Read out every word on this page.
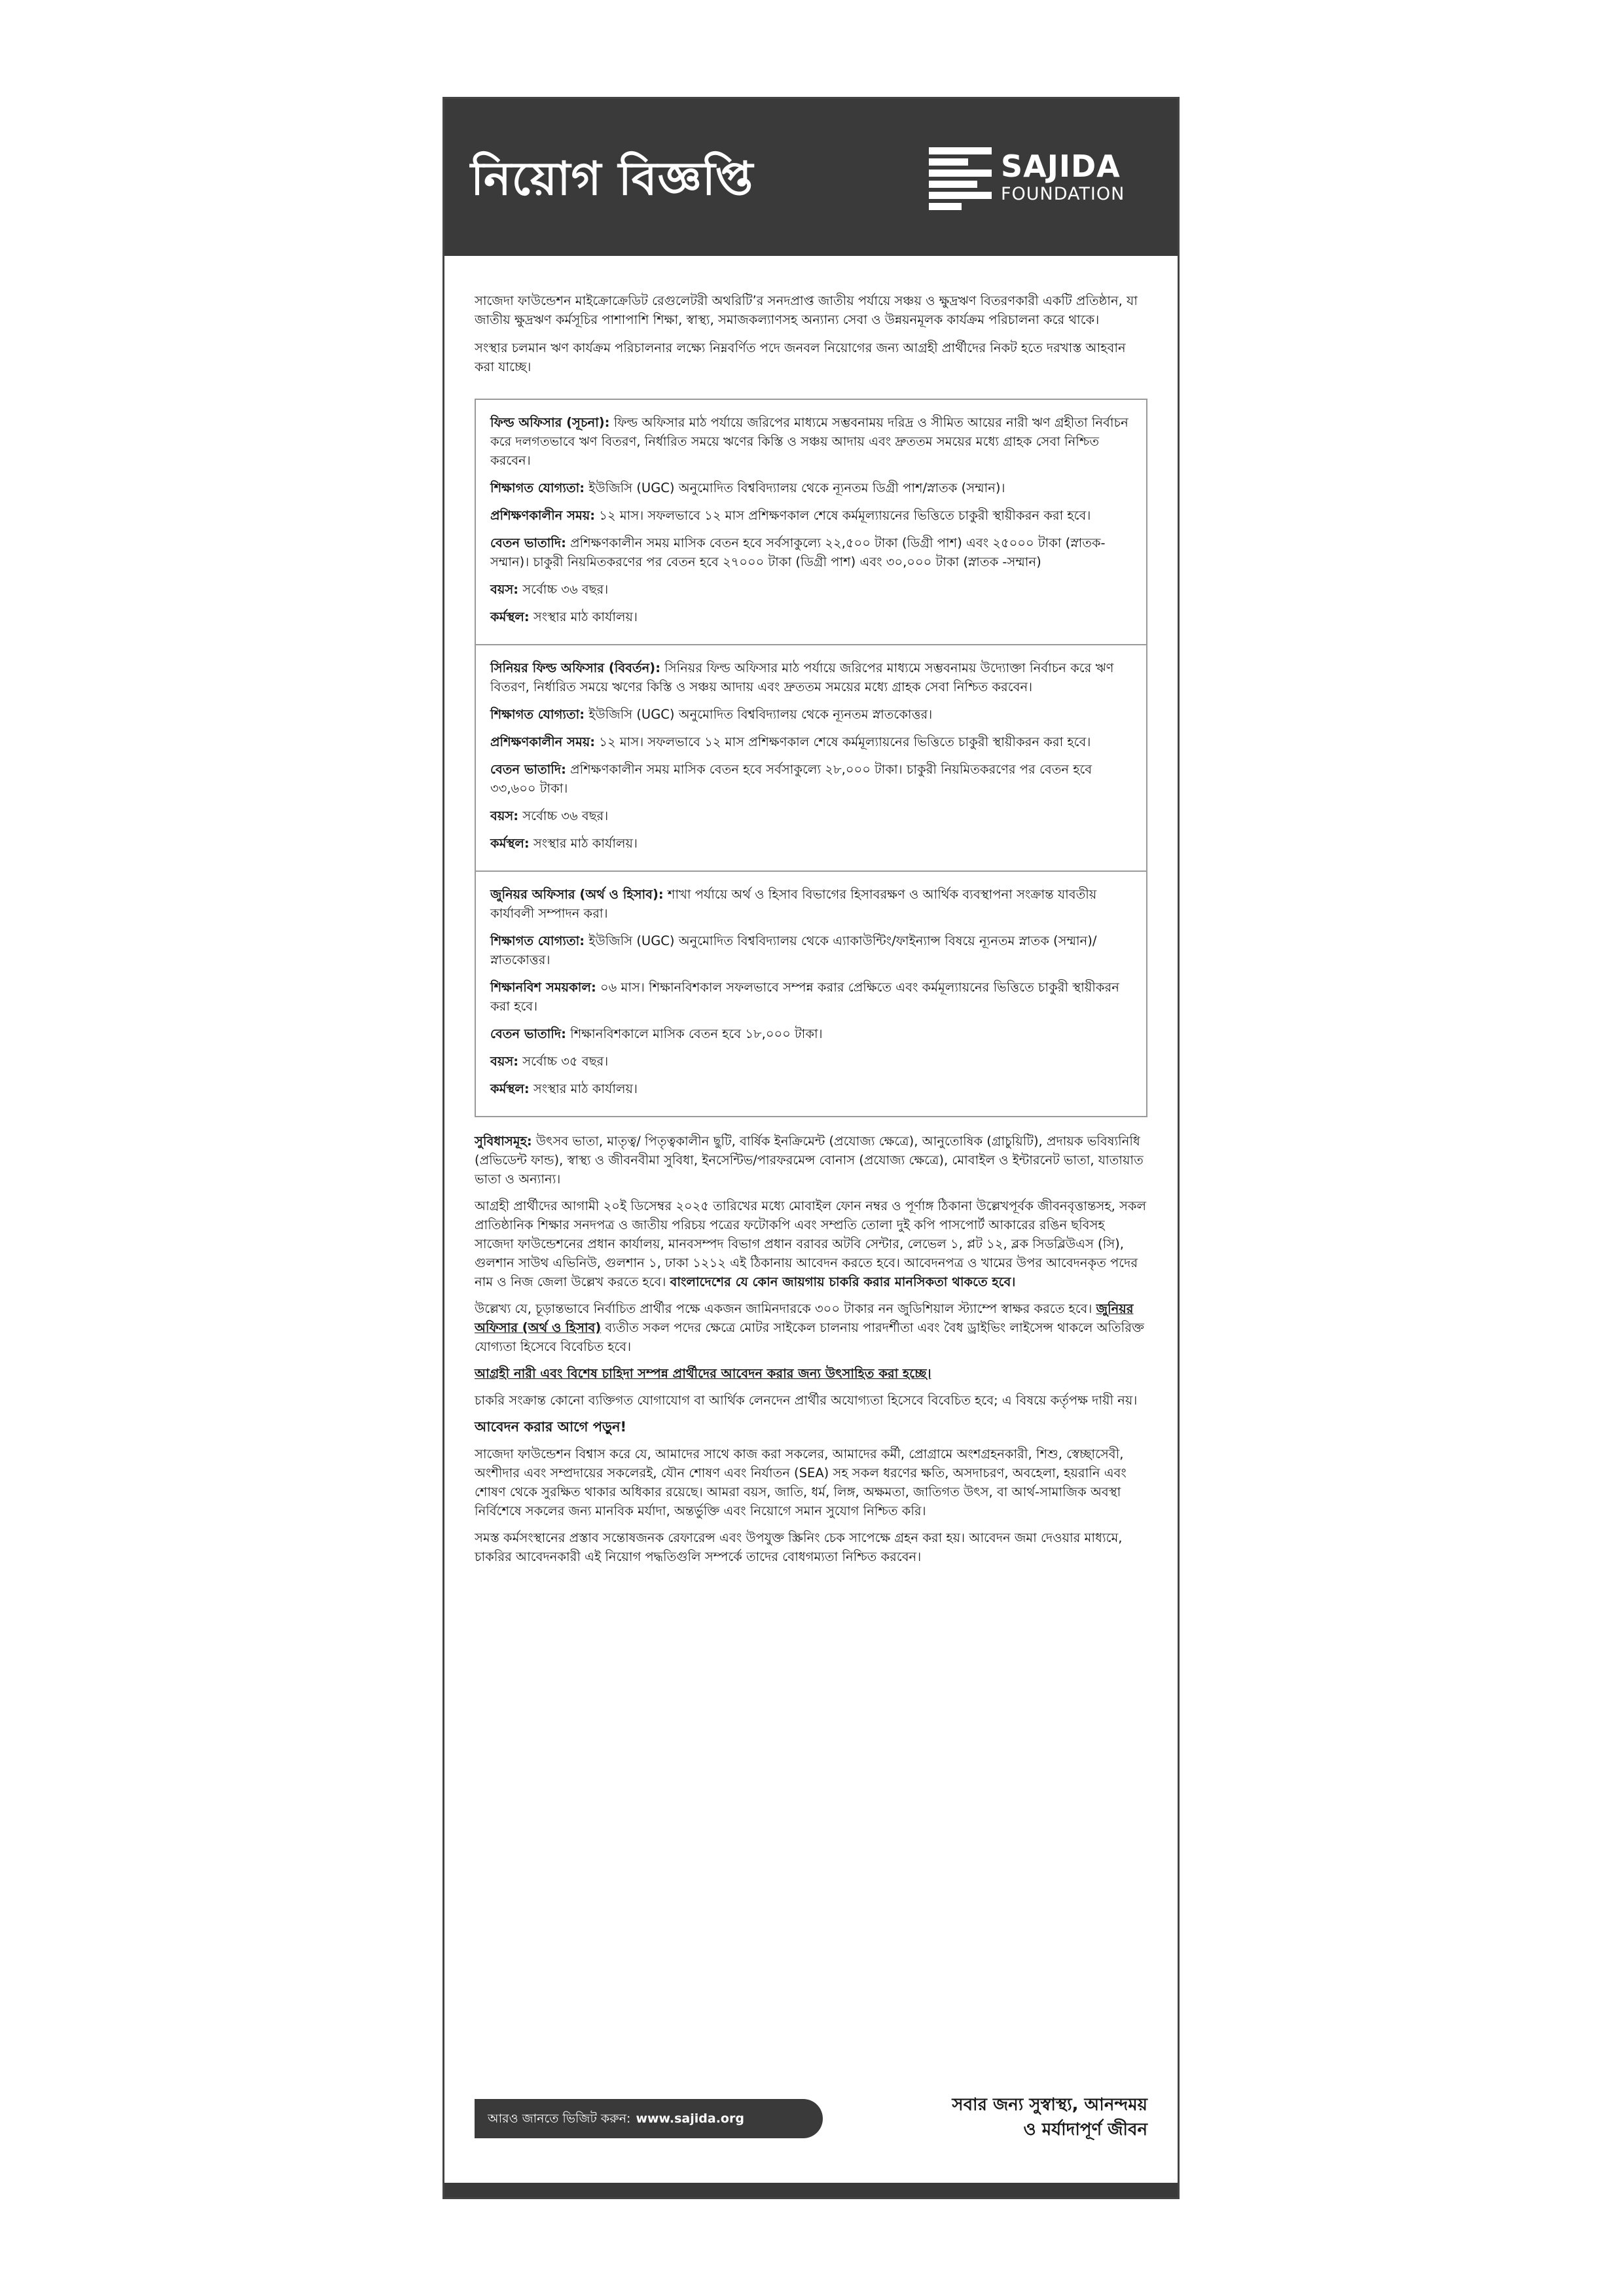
নিয়োগ বিজ্ঞপ্তি	SAJIDA
FOUNDATION

সাজেদা ফাউন্ডেশন মাইক্রোক্রেডিট রেগুলেটরী অথরিটি’র সনদপ্রাপ্ত জাতীয় পর্যায়ে সঞ্চয় ও ক্ষুদ্রঋণ বিতরণকারী একটি প্রতিষ্ঠান, যা জাতীয় ক্ষুদ্রঋণ কর্মসূচির পাশাপাশি শিক্ষা, স্বাস্থ্য, সমাজকল্যাণসহ অন্যান্য সেবা ও উন্নয়নমূলক কার্যক্রম পরিচালনা করে থাকে।

সংস্থার চলমান ঋণ কার্যক্রম পরিচালনার লক্ষ্যে নিম্নবর্ণিত পদে জনবল নিয়োগের জন্য আগ্রহী প্রার্থীদের নিকট হতে দরখাস্ত আহবান করা যাচ্ছে।

ফিল্ড অফিসার (সূচনা): ফিল্ড অফিসার মাঠ পর্যায়ে জরিপের মাধ্যমে সম্ভবনাময় দরিদ্র ও সীমিত আয়ের নারী ঋণ গ্রহীতা নির্বাচন করে দলগতভাবে ঋণ বিতরণ, নির্ধারিত সময়ে ঋণের কিস্তি ও সঞ্চয় আদায় এবং দ্রুততম সময়ের মধ্যে গ্রাহক সেবা নিশ্চিত করবেন।

শিক্ষাগত যোগ্যতা: ইউজিসি (UGC) অনুমোদিত বিশ্ববিদ্যালয় থেকে ন্যূনতম ডিগ্রী পাশ/স্নাতক (সম্মান)।

প্রশিক্ষণকালীন সময়: ১২ মাস। সফলভাবে ১২ মাস প্রশিক্ষণকাল শেষে কর্মমূল্যায়নের ভিত্তিতে চাকুরী স্থায়ীকরন করা হবে।

বেতন ভাতাদি: প্রশিক্ষণকালীন সময় মাসিক বেতন হবে সর্বসাকুল্যে ২২,৫০০ টাকা (ডিগ্রী পাশ) এবং ২৫০০০ টাকা (স্নাতক-সম্মান)। চাকুরী নিয়মিতকরণের পর বেতন হবে ২৭০০০ টাকা (ডিগ্রী পাশ) এবং ৩০,০০০ টাকা (স্নাতক -সম্মান)

বয়স: সর্বোচ্চ ৩৬ বছর।

কর্মস্থল: সংস্থার মাঠ কার্যালয়।

সিনিয়র ফিল্ড অফিসার (বিবর্তন): সিনিয়র ফিল্ড অফিসার মাঠ পর্যায়ে জরিপের মাধ্যমে সম্ভবনাময় উদ্যোক্তা নির্বাচন করে ঋণ বিতরণ, নির্ধারিত সময়ে ঋণের কিস্তি ও সঞ্চয় আদায় এবং দ্রুততম সময়ের মধ্যে গ্রাহক সেবা নিশ্চিত করবেন।

শিক্ষাগত যোগ্যতা: ইউজিসি (UGC) অনুমোদিত বিশ্ববিদ্যালয় থেকে ন্যূনতম স্নাতকোত্তর।

প্রশিক্ষণকালীন সময়: ১২ মাস। সফলভাবে ১২ মাস প্রশিক্ষণকাল শেষে কর্মমূল্যায়নের ভিত্তিতে চাকুরী স্থায়ীকরন করা হবে।

বেতন ভাতাদি: প্রশিক্ষণকালীন সময় মাসিক বেতন হবে সর্বসাকুল্যে ২৮,০০০ টাকা। চাকুরী নিয়মিতকরণের পর বেতন হবে ৩৩,৬০০ টাকা।

বয়স: সর্বোচ্চ ৩৬ বছর।

কর্মস্থল: সংস্থার মাঠ কার্যালয়।

জুনিয়র অফিসার (অর্থ ও হিসাব): শাখা পর্যায়ে অর্থ ও হিসাব বিভাগের হিসাবরক্ষণ ও আর্থিক ব্যবস্থাপনা সংক্রান্ত যাবতীয় কার্যাবলী সম্পাদন করা।

শিক্ষাগত যোগ্যতা: ইউজিসি (UGC) অনুমোদিত বিশ্ববিদ্যালয় থেকে এ্যাকাউন্টিং/ফাইন্যান্স বিষয়ে ন্যূনতম স্নাতক (সম্মান)/ স্নাতকোত্তর।

শিক্ষানবিশ সময়কাল: ০৬ মাস। শিক্ষানবিশকাল সফলভাবে সম্পন্ন করার প্রেক্ষিতে এবং কর্মমূল্যায়নের ভিত্তিতে চাকুরী স্থায়ীকরন করা হবে।

বেতন ভাতাদি: শিক্ষানবিশকালে মাসিক বেতন হবে ১৮,০০০ টাকা।

বয়স: সর্বোচ্চ ৩৫ বছর।

কর্মস্থল: সংস্থার মাঠ কার্যালয়।

সুবিধাসমূহ: উৎসব ভাতা, মাতৃত্ব/ পিতৃত্বকালীন ছুটি, বার্ষিক ইনক্রিমেন্ট (প্রযোজ্য ক্ষেত্রে), আনুতোষিক (গ্রাচুয়িটি), প্রদায়ক ভবিষ্যনিধি (প্রভিডেন্ট ফান্ড), স্বাস্থ্য ও জীবনবীমা সুবিধা, ইনসেন্টিভ/পারফরমেন্স বোনাস (প্রযোজ্য ক্ষেত্রে), মোবাইল ও ইন্টারনেট ভাতা, যাতায়াত ভাতা ও অন্যান্য।

আগ্রহী প্রার্থীদের আগামী ২০ই ডিসেম্বর ২০২৫ তারিখের মধ্যে মোবাইল ফোন নম্বর ও পূর্ণাঙ্গ ঠিকানা উল্লেখপূর্বক জীবনবৃত্তান্তসহ, সকল প্রাতিষ্ঠানিক শিক্ষার সনদপত্র ও জাতীয় পরিচয় পত্রের ফটোকপি এবং সম্প্রতি তোলা দুই কপি পাসপোর্ট আকারের রঙিন ছবিসহ সাজেদা ফাউন্ডেশনের প্রধান কার্যালয়, মানবসম্পদ বিভাগ প্রধান বরাবর অটবি সেন্টার, লেভেল ১, প্লট ১২, ব্লক সিডব্লিউএস (সি), গুলশান সাউথ এভিনিউ, গুলশান ১, ঢাকা ১২১২ এই ঠিকানায় আবেদন করতে হবে। আবেদনপত্র ও খামের উপর আবেদনকৃত পদের নাম ও নিজ জেলা উল্লেখ করতে হবে। বাংলাদেশের যে কোন জায়গায় চাকরি করার মানসিকতা থাকতে হবে।

উল্লেখ্য যে, চূড়ান্তভাবে নির্বাচিত প্রার্থীর পক্ষে একজন জামিনদারকে ৩০০ টাকার নন জুডিশিয়াল স্ট্যাম্পে স্বাক্ষর করতে হবে। জুনিয়র অফিসার (অর্থ ও হিসাব) ব্যতীত সকল পদের ক্ষেত্রে মোটর সাইকেল চালনায় পারদর্শীতা এবং বৈধ ড্রাইভিং লাইসেন্স থাকলে অতিরিক্ত যোগ্যতা হিসেবে বিবেচিত হবে।

আগ্রহী নারী এবং বিশেষ চাহিদা সম্পন্ন প্রার্থীদের আবেদন করার জন্য উৎসাহিত করা হচ্ছে।

চাকরি সংক্রান্ত কোনো ব্যক্তিগত যোগাযোগ বা আর্থিক লেনদেন প্রার্থীর অযোগ্যতা হিসেবে বিবেচিত হবে; এ বিষয়ে কর্তৃপক্ষ দায়ী নয়।

আবেদন করার আগে পড়ুন!

সাজেদা ফাউন্ডেশন বিশ্বাস করে যে, আমাদের সাথে কাজ করা সকলের, আমাদের কর্মী, প্রোগ্রামে অংশগ্রহনকারী, শিশু, স্বেচ্ছাসেবী, অংশীদার এবং সম্প্রদায়ের সকলেরই, যৌন শোষণ এবং নির্যাতন (SEA) সহ সকল ধরণের ক্ষতি, অসদাচরণ, অবহেলা, হয়রানি এবং শোষণ থেকে সুরক্ষিত থাকার অধিকার রয়েছে। আমরা বয়স, জাতি, ধর্ম, লিঙ্গ, অক্ষমতা, জাতিগত উৎস, বা আর্থ-সামাজিক অবস্থা নির্বিশেষে সকলের জন্য মানবিক মর্যাদা, অন্তর্ভুক্তি এবং নিয়োগে সমান সুযোগ নিশ্চিত করি।

সমস্ত কর্মসংস্থানের প্রস্তাব সন্তোষজনক রেফারেন্স এবং উপযুক্ত স্ক্রিনিং চেক সাপেক্ষে গ্রহন করা হয়। আবেদন জমা দেওয়ার মাধ্যমে, চাকরির আবেদনকারী এই নিয়োগ পদ্ধতিগুলি সম্পর্কে তাদের বোধগম্যতা নিশ্চিত করবেন।

আরও জানতে ভিজিট করুন: www.sajida.org
সবার জন্য সুস্বাস্থ্য, আনন্দময়
ও মর্যাদাপূর্ণ জীবন
